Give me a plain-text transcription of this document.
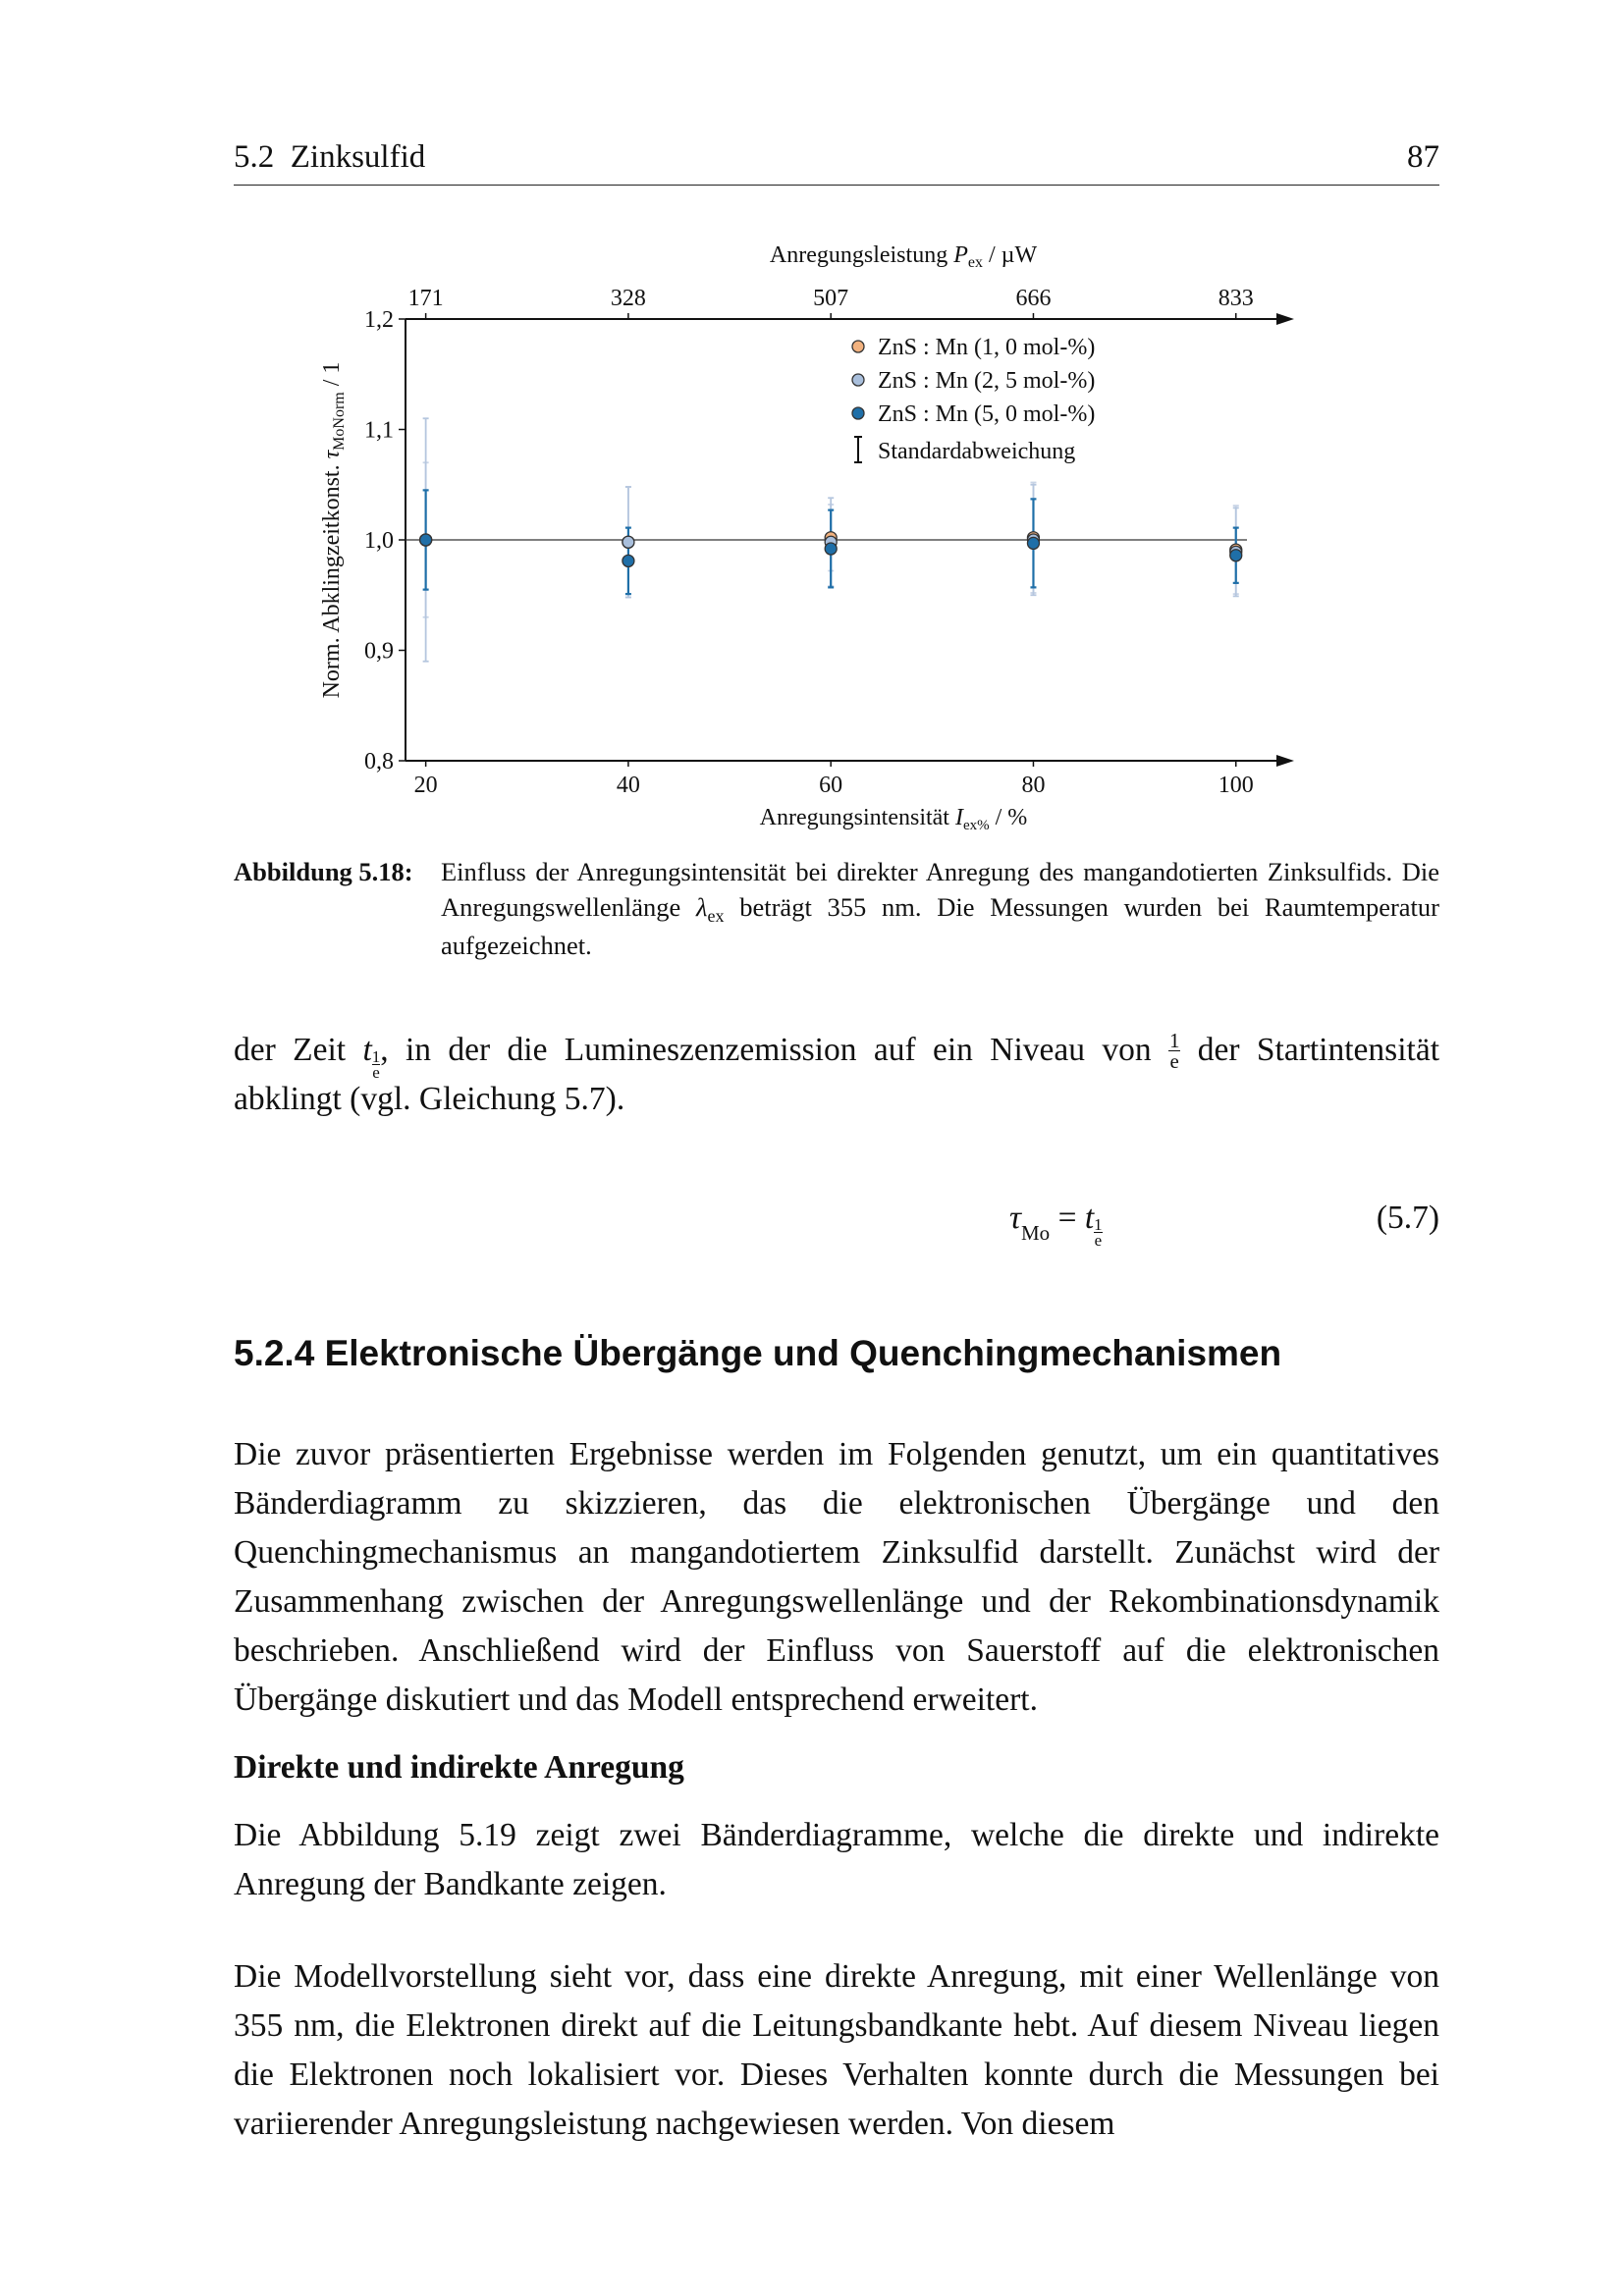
5.2  Zinksulfid	87
Anregungsleistung $P_{ex}$ / µW
171	328	507	666	833
0,8
0,9
1,0
1,1
1,2
20	40	60	80	100
Norm. Abklingzeitkonst. $\tau_{MoNorm} / 1$
ZnS : Mn (1, 0 mol-%)
ZnS : Mn (2, 5 mol-%)
ZnS : Mn (5, 0 mol-%)
Standardabweichung
Anregungsintensität $I_{ex\%}$ / %
Abbildung 5.18: Einfluss der Anregungsintensität bei direkter Anregung des mangandotierten Zinksulfids. Die Anregungswellenlänge $\lambda_{ex}$ beträgt 355 nm. Die Messungen wurden bei Raumtemperatur aufgezeichnet.
der Zeit t $\frac{1}{e}$, in der die Lumineszenzemission auf ein Niveau von $\frac{1}{e}$ der Startintensität abklingt (vgl. Gleichung 5.7).
$\tau_{Mo} = t \frac{1}{e}$	(5.7)
5.2.4 Elektronische Übergänge und Quenchingmechanismen
Die zuvor präsentierten Ergebnisse werden im Folgenden genutzt, um ein quantitatives Bänderdiagramm zu skizzieren, das die elektronischen Übergänge und den Quenchingmechanismus an mangandotiertem Zinksulfid darstellt. Zunächst wird der Zusammenhang zwischen der Anregungswellenlänge und der Rekombinationsdynamik beschrieben. Anschließend wird der Einfluss von Sauerstoff auf die elektronischen Übergänge diskutiert und das Modell entsprechend erweitert.
Direkte und indirekte Anregung
Die Abbildung 5.19 zeigt zwei Bänderdiagramme, welche die direkte und indirekte Anregung der Bandkante zeigen.
Die Modellvorstellung sieht vor, dass eine direkte Anregung, mit einer Wellenlänge von 355 nm, die Elektronen direkt auf die Leitungsbandkante hebt. Auf diesem Niveau liegen die Elektronen noch lokalisiert vor. Dieses Verhalten konnte durch die Messungen bei variierender Anregungsleistung nachgewiesen werden. Von diesem
